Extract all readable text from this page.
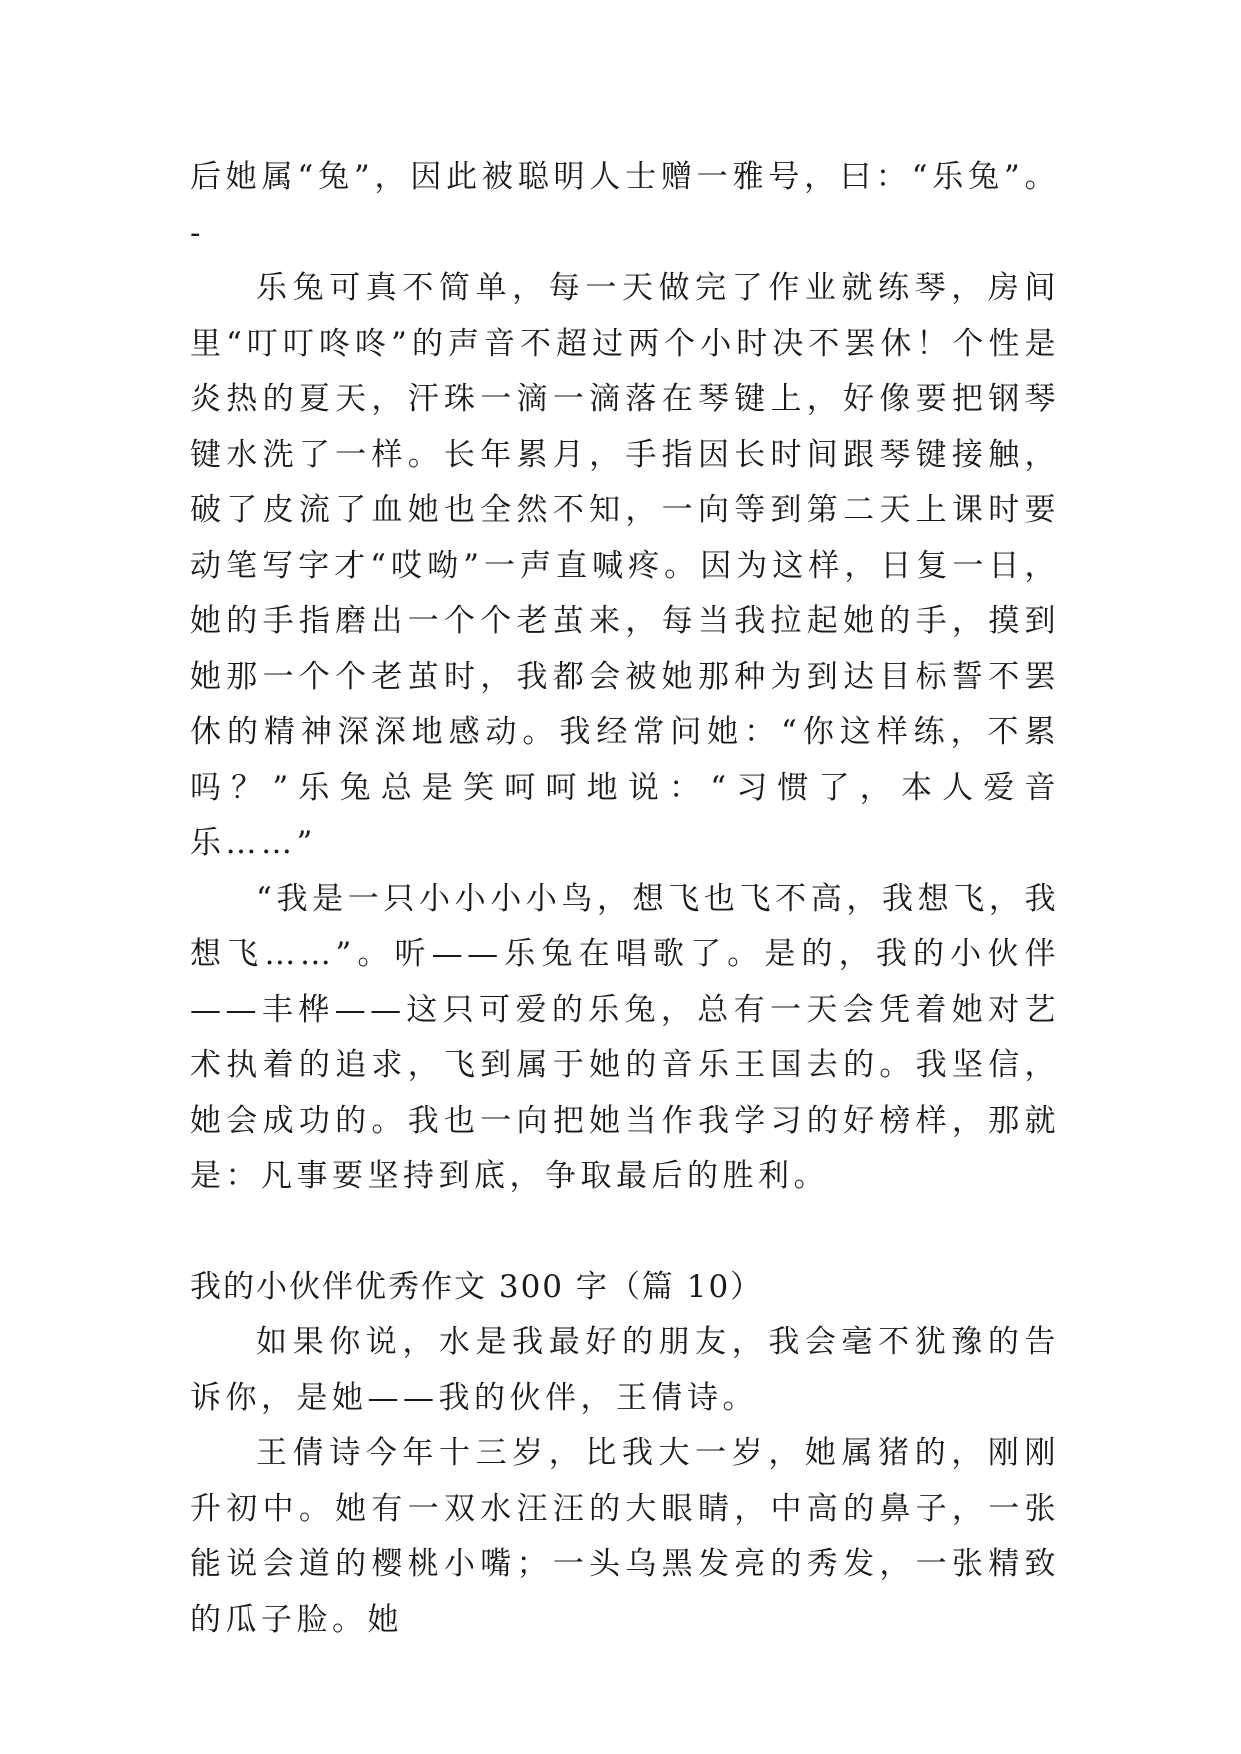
后她属“兔”，因此被聪明人士赠一雅号，曰：“乐兔”。-

乐兔可真不简单，每一天做完了作业就练琴，房间里“叮叮咚咚”的声音不超过两个小时决不罢休！个性是炎热的夏天，汗珠一滴一滴落在琴键上，好像要把钢琴键水洗了一样。长年累月，手指因长时间跟琴键接触，破了皮流了血她也全然不知，一向等到第二天上课时要动笔写字才“哎呦”一声直喊疼。因为这样，日复一日，她的手指磨出一个个老茧来，每当我拉起她的手，摸到她那一个个老茧时，我都会被她那种为到达目标誓不罢休的精神深深地感动。我经常问她：“你这样练，不累吗？”乐兔总是笑呵呵地说：“习惯了，本人爱音乐……”

“我是一只小小小小鸟，想飞也飞不高，我想飞，我想飞……”。听——乐兔在唱歌了。是的，我的小伙伴——丰桦——这只可爱的乐兔，总有一天会凭着她对艺术执着的追求，飞到属于她的音乐王国去的。我坚信，她会成功的。我也一向把她当作我学习的好榜样，那就是：凡事要坚持到底，争取最后的胜利。

我的小伙伴优秀作文 300 字（篇 10）

如果你说，水是我最好的朋友，我会毫不犹豫的告诉你，是她——我的伙伴，王倩诗。

王倩诗今年十三岁，比我大一岁，她属猪的，刚刚升初中。她有一双水汪汪的大眼睛，中高的鼻子，一张能说会道的樱桃小嘴；一头乌黑发亮的秀发，一张精致的瓜子脸。她
